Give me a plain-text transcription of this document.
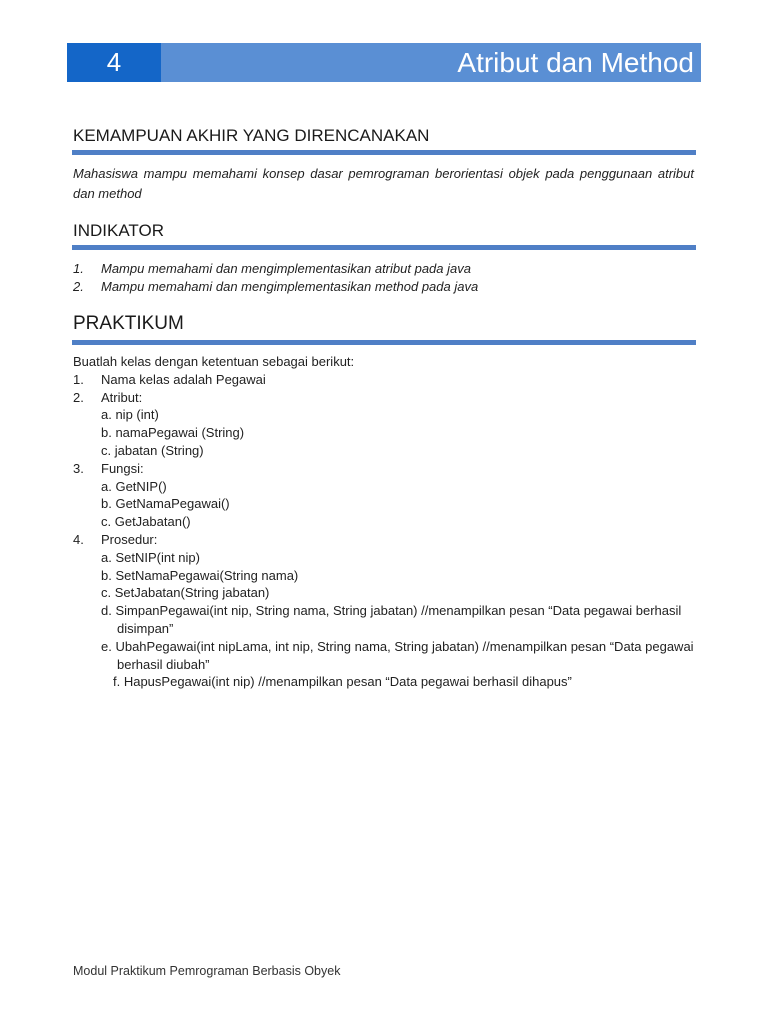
4	Atribut dan Method
KEMAMPUAN AKHIR YANG DIRENCANAKAN
Mahasiswa mampu memahami konsep dasar pemrograman berorientasi objek pada penggunaan atribut dan method
INDIKATOR
1. Mampu memahami dan mengimplementasikan atribut pada java
2. Mampu memahami dan mengimplementasikan method pada java
PRAKTIKUM
Buatlah kelas dengan ketentuan sebagai berikut:
1. Nama kelas adalah Pegawai
2. Atribut:
a. nip (int)
b. namaPegawai (String)
c. jabatan (String)
3. Fungsi:
a. GetNIP()
b. GetNamaPegawai()
c. GetJabatan()
4. Prosedur:
a. SetNIP(int nip)
b. SetNamaPegawai(String nama)
c. SetJabatan(String jabatan)
d. SimpanPegawai(int nip, String nama, String jabatan) //menampilkan pesan “Data pegawai berhasil disimpan”
e. UbahPegawai(int nipLama, int nip, String nama, String jabatan) //menampilkan pesan “Data pegawai berhasil diubah”
f. HapusPegawai(int nip) //menampilkan pesan “Data pegawai berhasil dihapus”
Modul Praktikum Pemrograman Berbasis Obyek
